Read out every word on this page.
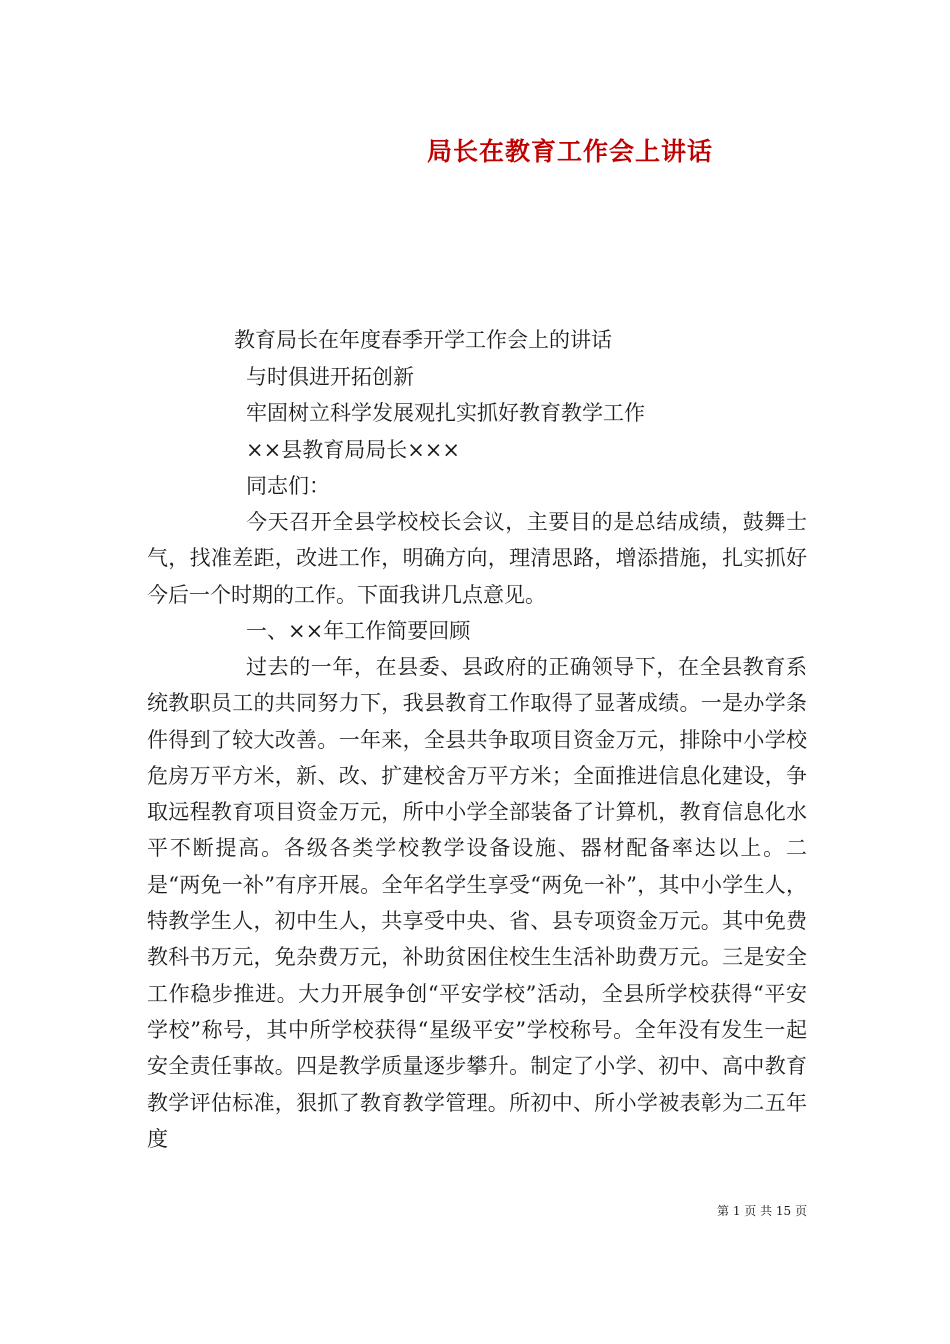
局长在教育工作会上讲话
教育局长在年度春季开学工作会上的讲话
与时俱进开拓创新
牢固树立科学发展观扎实抓好教育教学工作
××县教育局局长×××
同志们：
今天召开全县学校校长会议，主要目的是总结成绩，鼓舞士气，找准差距，改进工作，明确方向，理清思路，增添措施，扎实抓好今后一个时期的工作。下面我讲几点意见。
一、××年工作简要回顾
过去的一年，在县委、县政府的正确领导下，在全县教育系统教职员工的共同努力下，我县教育工作取得了显著成绩。一是办学条件得到了较大改善。一年来，全县共争取项目资金万元，排除中小学校危房万平方米，新、改、扩建校舍万平方米；全面推进信息化建设，争取远程教育项目资金万元，所中小学全部装备了计算机，教育信息化水平不断提高。各级各类学校教学设备设施、器材配备率达以上。二是“两免一补”有序开展。全年名学生享受“两免一补”，其中小学生人，特教学生人，初中生人，共享受中央、省、县专项资金万元。其中免费教科书万元，免杂费万元，补助贫困住校生生活补助费万元。三是安全工作稳步推进。大力开展争创“平安学校”活动，全县所学校获得“平安学校”称号，其中所学校获得“星级平安”学校称号。全年没有发生一起安全责任事故。四是教学质量逐步攀升。制定了小学、初中、高中教育教学评估标准，狠抓了教育教学管理。所初中、所小学被表彰为二五年度
第 1 页 共 15 页
